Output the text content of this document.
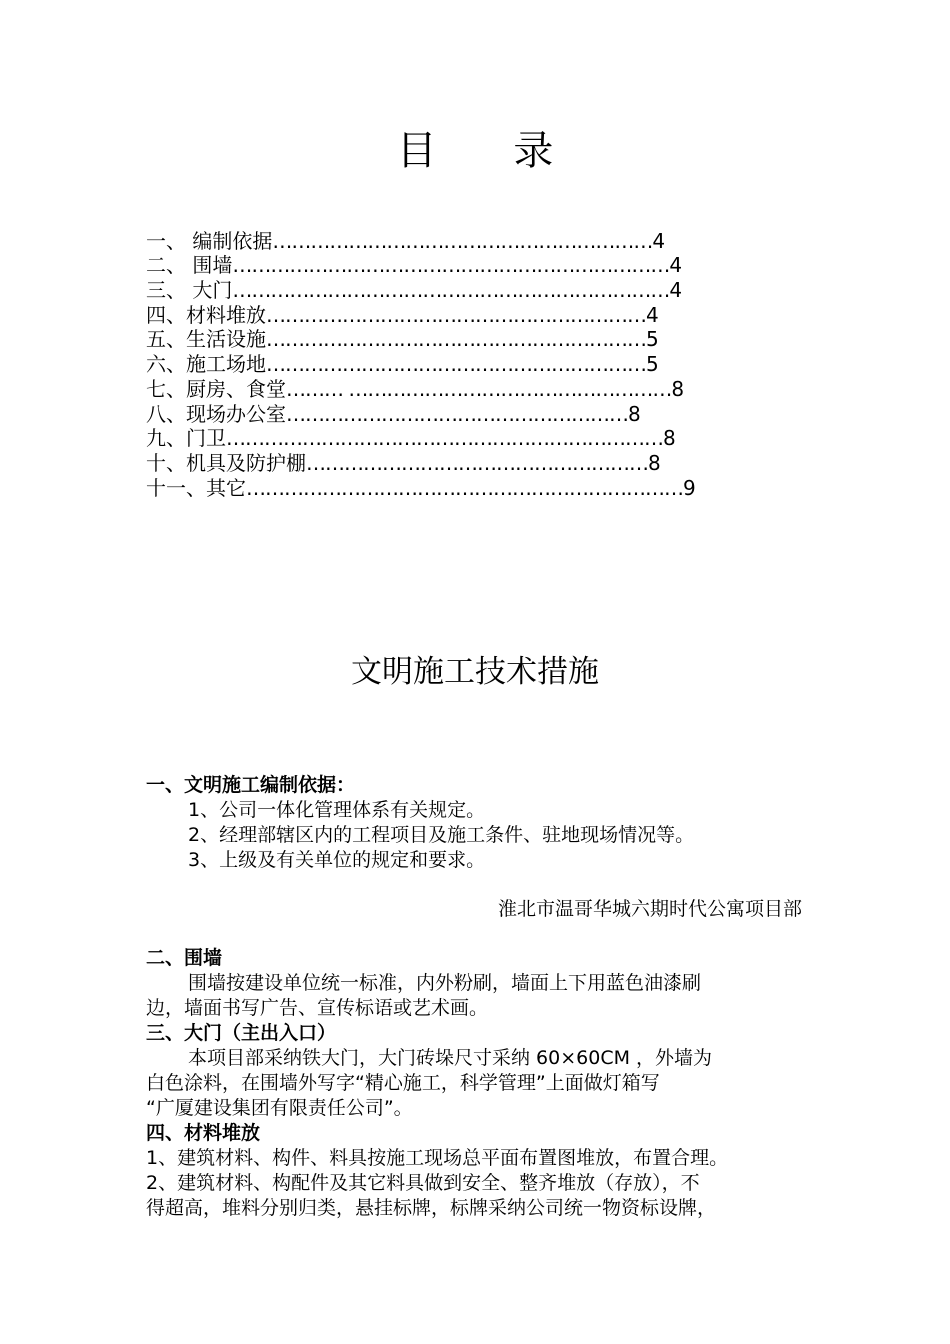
目 录
一、 编制依据 …………………………………………………… 4
二、 围墙 …………………………………………………………… 4
三、 大门 …………………………………………………………… 4
四、材料堆放 …………………………………………………… 4
五、生活设施 …………………………………………………… 5
六、施工场地 …………………………………………………… 5
七、厨房、食堂 ……… …………………………………………… 8
八、现场办公室 ……………………………………………… 8
九、门卫 …………………………………………………………… 8
十、机具及防护棚 ……………………………………………… 8
十一、其它 …………………………………………………………… 9
文明施工技术措施
一、文明施工编制依据：
1、公司一体化管理体系有关规定。
2、经理部辖区内的工程项目及施工条件、驻地现场情况等。
3、上级及有关单位的规定和要求。
淮北市温哥华城六期时代公寓项目部
二、围墙
围墙按建设单位统一标准，内外粉刷，墙面上下用蓝色油漆刷
边，墙面书写广告、宣传标语或艺术画。
三、大门（主出入口）
本项目部采纳铁大门，大门砖垛尺寸采纳 60×60CM ，外墙为
白色涂料，在围墙外写字“精心施工，科学管理”上面做灯箱写
“广厦建设集团有限责任公司”。
四、材料堆放
1、建筑材料、构件、料具按施工现场总平面布置图堆放，布置合理。
2、建筑材料、构配件及其它料具做到安全、整齐堆放（存放），不
得超高，堆料分别归类，悬挂标牌，标牌采纳公司统一物资标设牌，
